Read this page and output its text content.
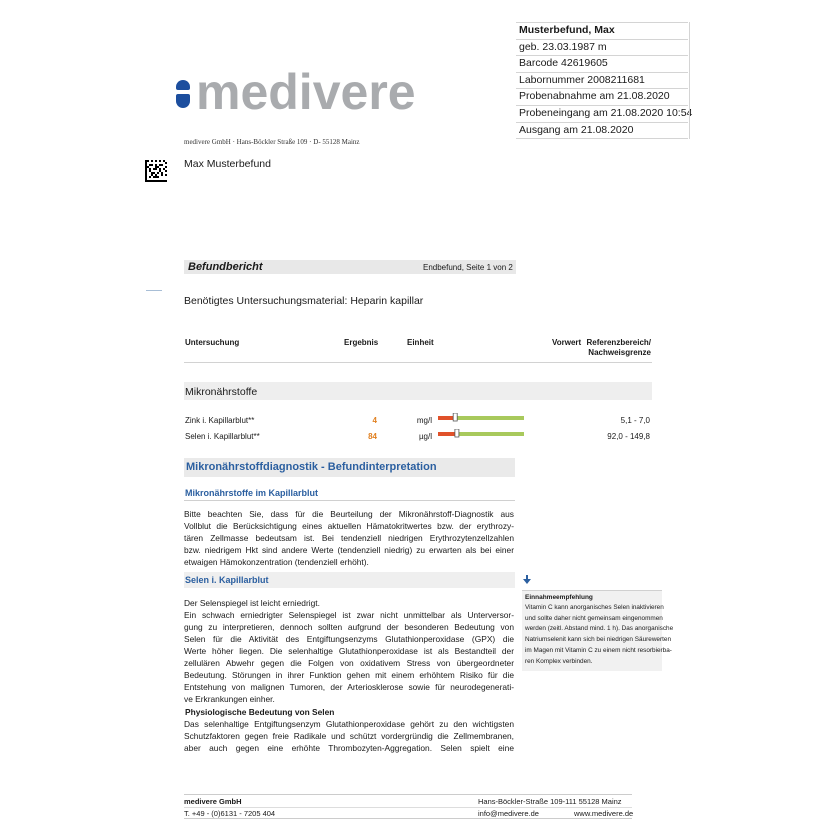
Musterbefund, Max
geb. 23.03.1987 m
Barcode 42619605
Labornummer 2008211681
Probenabnahme am 21.08.2020
Probeneingang am 21.08.2020 10:54
Ausgang am 21.08.2020
medivere
medivere GmbH · Hans-Böckler Straße 109 · D- 55128 Mainz
Max Musterbefund
Befundbericht	Endbefund, Seite 1 von 2
Benötigtes Untersuchungsmaterial: Heparin kapillar
Untersuchung	Ergebnis	Einheit	Vorwert Referenzbereich/
Nachweisgrenze
Mikronährstoffe
Zink i. Kapillarblut**	4	mg/l	5,1 - 7,0
Selen i. Kapillarblut**	84	µg/l	92,0 - 149,8
Mikronährstoffdiagnostik - Befundinterpretation
Mikronährstoffe im Kapillarblut
Bitte beachten Sie, dass für die Beurteilung der Mikronährstoff-Diagnostik aus
Vollblut die Berücksichtigung eines aktuellen Hämatokritwertes bzw. der erythrozy-
tären Zellmasse bedeutsam ist. Bei tendenziell niedrigen Erythrozytenzellzahlen
bzw. niedrigem Hkt sind andere Werte (tendenziell niedrig) zu erwarten als bei einer
etwaigen Hämokonzentration (tendenziell erhöht).
Selen i. Kapillarblut
Der Selenspiegel ist leicht erniedrigt.
Ein schwach erniedrigter Selenspiegel ist zwar nicht unmittelbar als Unterversor-
gung zu interpretieren, dennoch sollten aufgrund der besonderen Bedeutung von
Selen für die Aktivität des Entgiftungsenzyms Glutathionperoxidase (GPX) die
Werte höher liegen. Die selenhaltige Glutathionperoxidase ist als Bestandteil der
zellulären Abwehr gegen die Folgen von oxidativem Stress von übergeordneter
Bedeutung. Störungen in ihrer Funktion gehen mit einem erhöhtem Risiko für die
Entstehung von malignen Tumoren, der Arteriosklerose sowie für neurodegenerati-
ve Erkrankungen einher.
Physiologische Bedeutung von Selen
Das selenhaltige Entgiftungsenzym Glutathionperoxidase gehört zu den wichtigsten
Schutzfaktoren gegen freie Radikale und schützt vordergründig die Zellmembranen,
aber auch gegen eine erhöhte Thrombozyten-Aggregation. Selen spielt eine
Einnahmeempfehlung
Vitamin C kann anorganisches Selen inaktivieren
und sollte daher nicht gemeinsam eingenommen
werden (zeitl. Abstand mind. 1 h). Das anorganische
Natriumselenit kann sich bei niedrigen Säurewerten
im Magen mit Vitamin C zu einem nicht resorbierba-
ren Komplex verbinden.
medivere GmbH	Hans-Böckler-Straße 109-111 55128 Mainz
T. +49 - (0)6131 - 7205 404	info@medivere.de	www.medivere.de
